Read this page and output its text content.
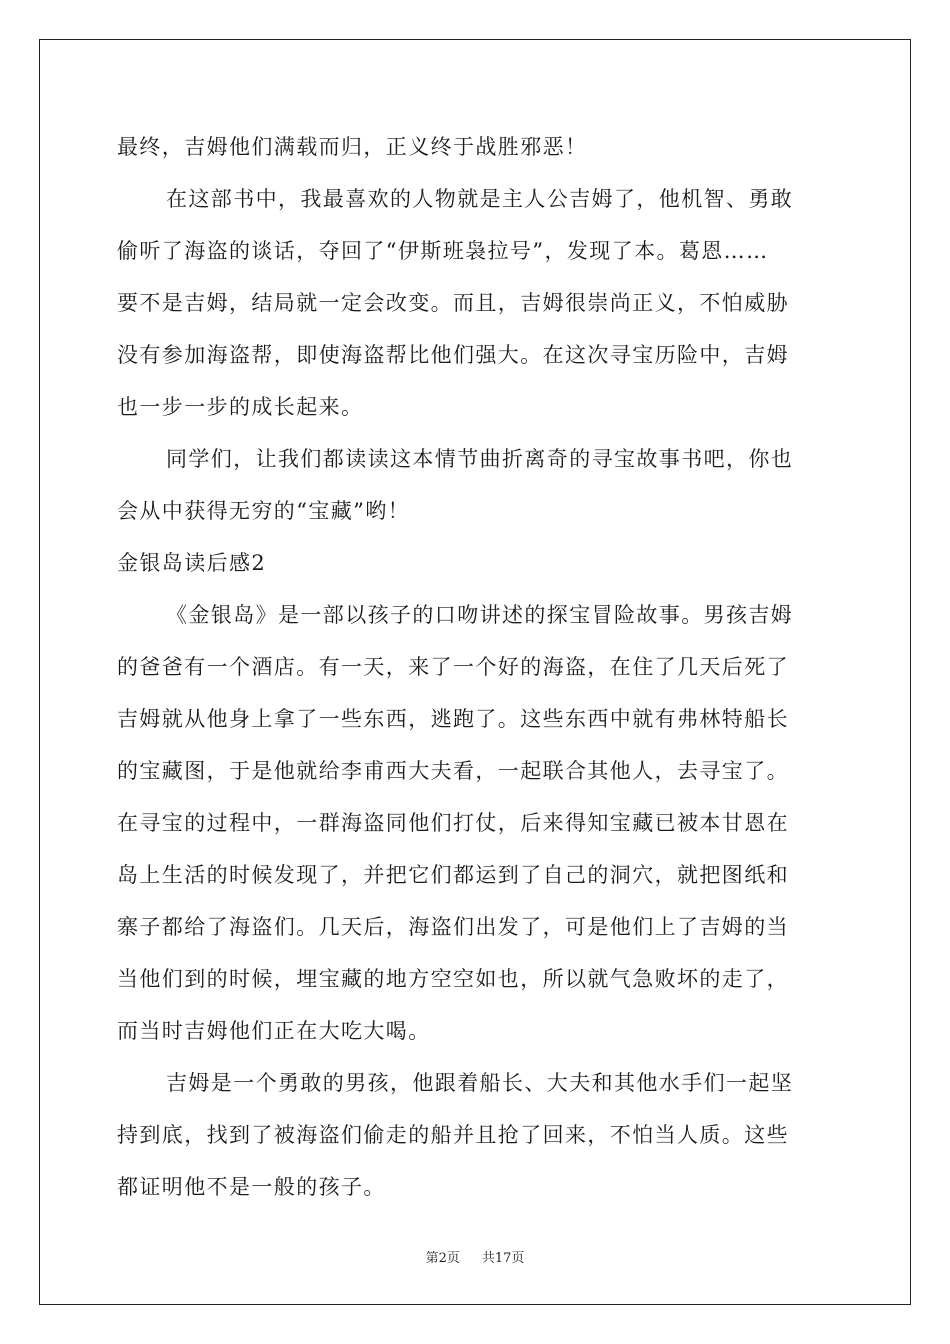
最终，吉姆他们满载而归，正义终于战胜邪恶！
在这部书中，我最喜欢的人物就是主人公吉姆了，他机智、勇敢
偷听了海盗的谈话，夺回了“伊斯班袅拉号”，发现了本。葛恩……
要不是吉姆，结局就一定会改变。而且，吉姆很崇尚正义，不怕威胁
没有参加海盗帮，即使海盗帮比他们强大。在这次寻宝历险中，吉姆
也一步一步的成长起来。
同学们，让我们都读读这本情节曲折离奇的寻宝故事书吧，你也
会从中获得无穷的“宝藏”哟！
金银岛读后感2
《金银岛》是一部以孩子的口吻讲述的探宝冒险故事。男孩吉姆
的爸爸有一个酒店。有一天，来了一个好的海盗，在住了几天后死了
吉姆就从他身上拿了一些东西，逃跑了。这些东西中就有弗林特船长
的宝藏图，于是他就给李甫西大夫看，一起联合其他人，去寻宝了。
在寻宝的过程中，一群海盗同他们打仗，后来得知宝藏已被本甘恩在
岛上生活的时候发现了，并把它们都运到了自己的洞穴，就把图纸和
寨子都给了海盗们。几天后，海盗们出发了，可是他们上了吉姆的当
当他们到的时候，埋宝藏的地方空空如也，所以就气急败坏的走了，
而当时吉姆他们正在大吃大喝。
吉姆是一个勇敢的男孩，他跟着船长、大夫和其他水手们一起坚
持到底，找到了被海盗们偷走的船并且抢了回来，不怕当人质。这些
都证明他不是一般的孩子。
第2页 共17页
